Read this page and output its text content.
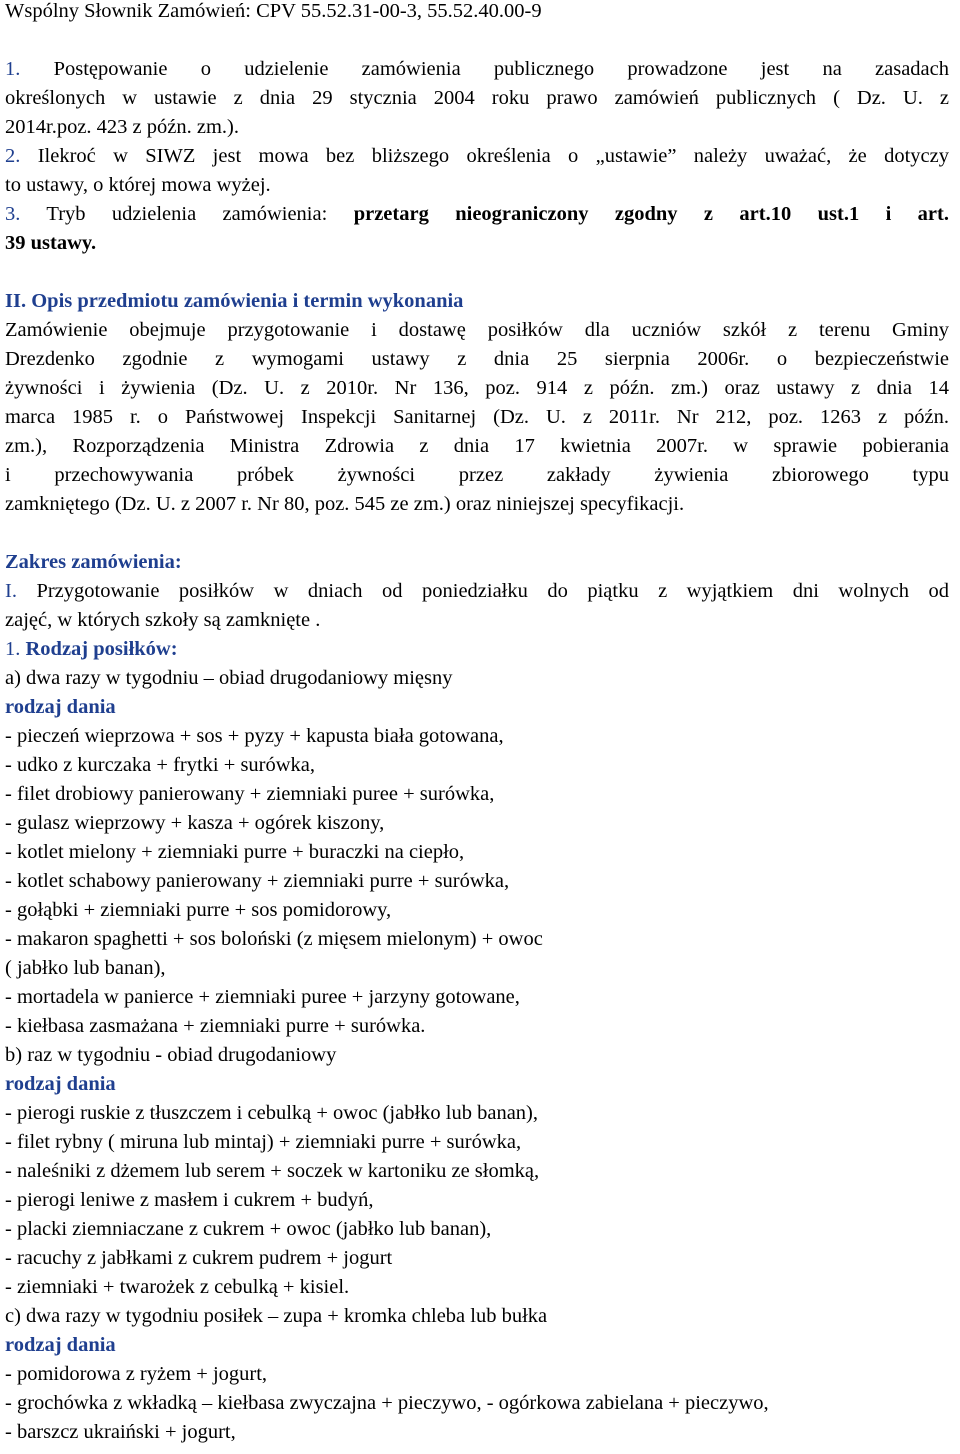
Wspólny Słownik Zamówień: CPV 55.52.31-00-3, 55.52.40.00-9
1. Postępowanie o udzielenie zamówienia publicznego prowadzone jest na zasadach
określonych w ustawie z dnia 29 stycznia 2004 roku prawo zamówień publicznych ( Dz. U. z
2014r.poz. 423 z późn. zm.).
2. Ilekroć w SIWZ jest mowa bez bliższego określenia o „ustawie” należy uważać, że dotyczy
to ustawy, o której mowa wyżej.
3. Tryb udzielenia zamówienia: przetarg nieograniczony zgodny z art.10 ust.1 i art.
39 ustawy.
II. Opis przedmiotu zamówienia i termin wykonania
Zamówienie obejmuje przygotowanie i dostawę posiłków dla uczniów szkół z terenu Gminy
Drezdenko zgodnie z wymogami ustawy z dnia 25 sierpnia 2006r. o bezpieczeństwie
żywności i żywienia (Dz. U. z 2010r. Nr 136, poz. 914 z późn. zm.) oraz ustawy z dnia 14
marca 1985 r. o Państwowej Inspekcji Sanitarnej (Dz. U. z 2011r. Nr 212, poz. 1263 z późn.
zm.), Rozporządzenia Ministra Zdrowia z dnia 17 kwietnia 2007r. w sprawie pobierania
i przechowywania próbek żywności przez zakłady żywienia zbiorowego typu
zamkniętego (Dz. U. z 2007 r. Nr 80, poz. 545 ze zm.) oraz niniejszej specyfikacji.
Zakres zamówienia:
I. Przygotowanie posiłków w dniach od poniedziałku do piątku z wyjątkiem dni wolnych od
zajęć, w których szkoły są zamknięte .
1. Rodzaj posiłków:
a) dwa razy w tygodniu – obiad drugodaniowy mięsny
rodzaj dania
- pieczeń wieprzowa + sos + pyzy + kapusta biała gotowana,
- udko z kurczaka + frytki + surówka,
- filet drobiowy panierowany + ziemniaki puree + surówka,
- gulasz wieprzowy + kasza + ogórek kiszony,
- kotlet mielony + ziemniaki purre + buraczki na ciepło,
- kotlet schabowy panierowany + ziemniaki purre + surówka,
- gołąbki + ziemniaki purre + sos pomidorowy,
- makaron spaghetti + sos boloński (z mięsem mielonym) + owoc
( jabłko lub banan),
- mortadela w panierce + ziemniaki puree + jarzyny gotowane,
- kiełbasa zasmażana + ziemniaki purre + surówka.
b) raz w tygodniu - obiad drugodaniowy
rodzaj dania
- pierogi ruskie z tłuszczem i cebulką + owoc (jabłko lub banan),
- filet rybny ( miruna lub mintaj) + ziemniaki purre + surówka,
- naleśniki z dżemem lub serem + soczek w kartoniku ze słomką,
- pierogi leniwe z masłem i cukrem + budyń,
- placki ziemniaczane z cukrem + owoc (jabłko lub banan),
- racuchy z jabłkami z cukrem pudrem + jogurt
- ziemniaki + twarożek z cebulką + kisiel.
c) dwa razy w tygodniu posiłek – zupa + kromka chleba lub bułka
rodzaj dania
- pomidorowa z ryżem + jogurt,
- grochówka z wkładką – kiełbasa zwyczajna + pieczywo, - ogórkowa zabielana + pieczywo,
- barszcz ukraiński + jogurt,
